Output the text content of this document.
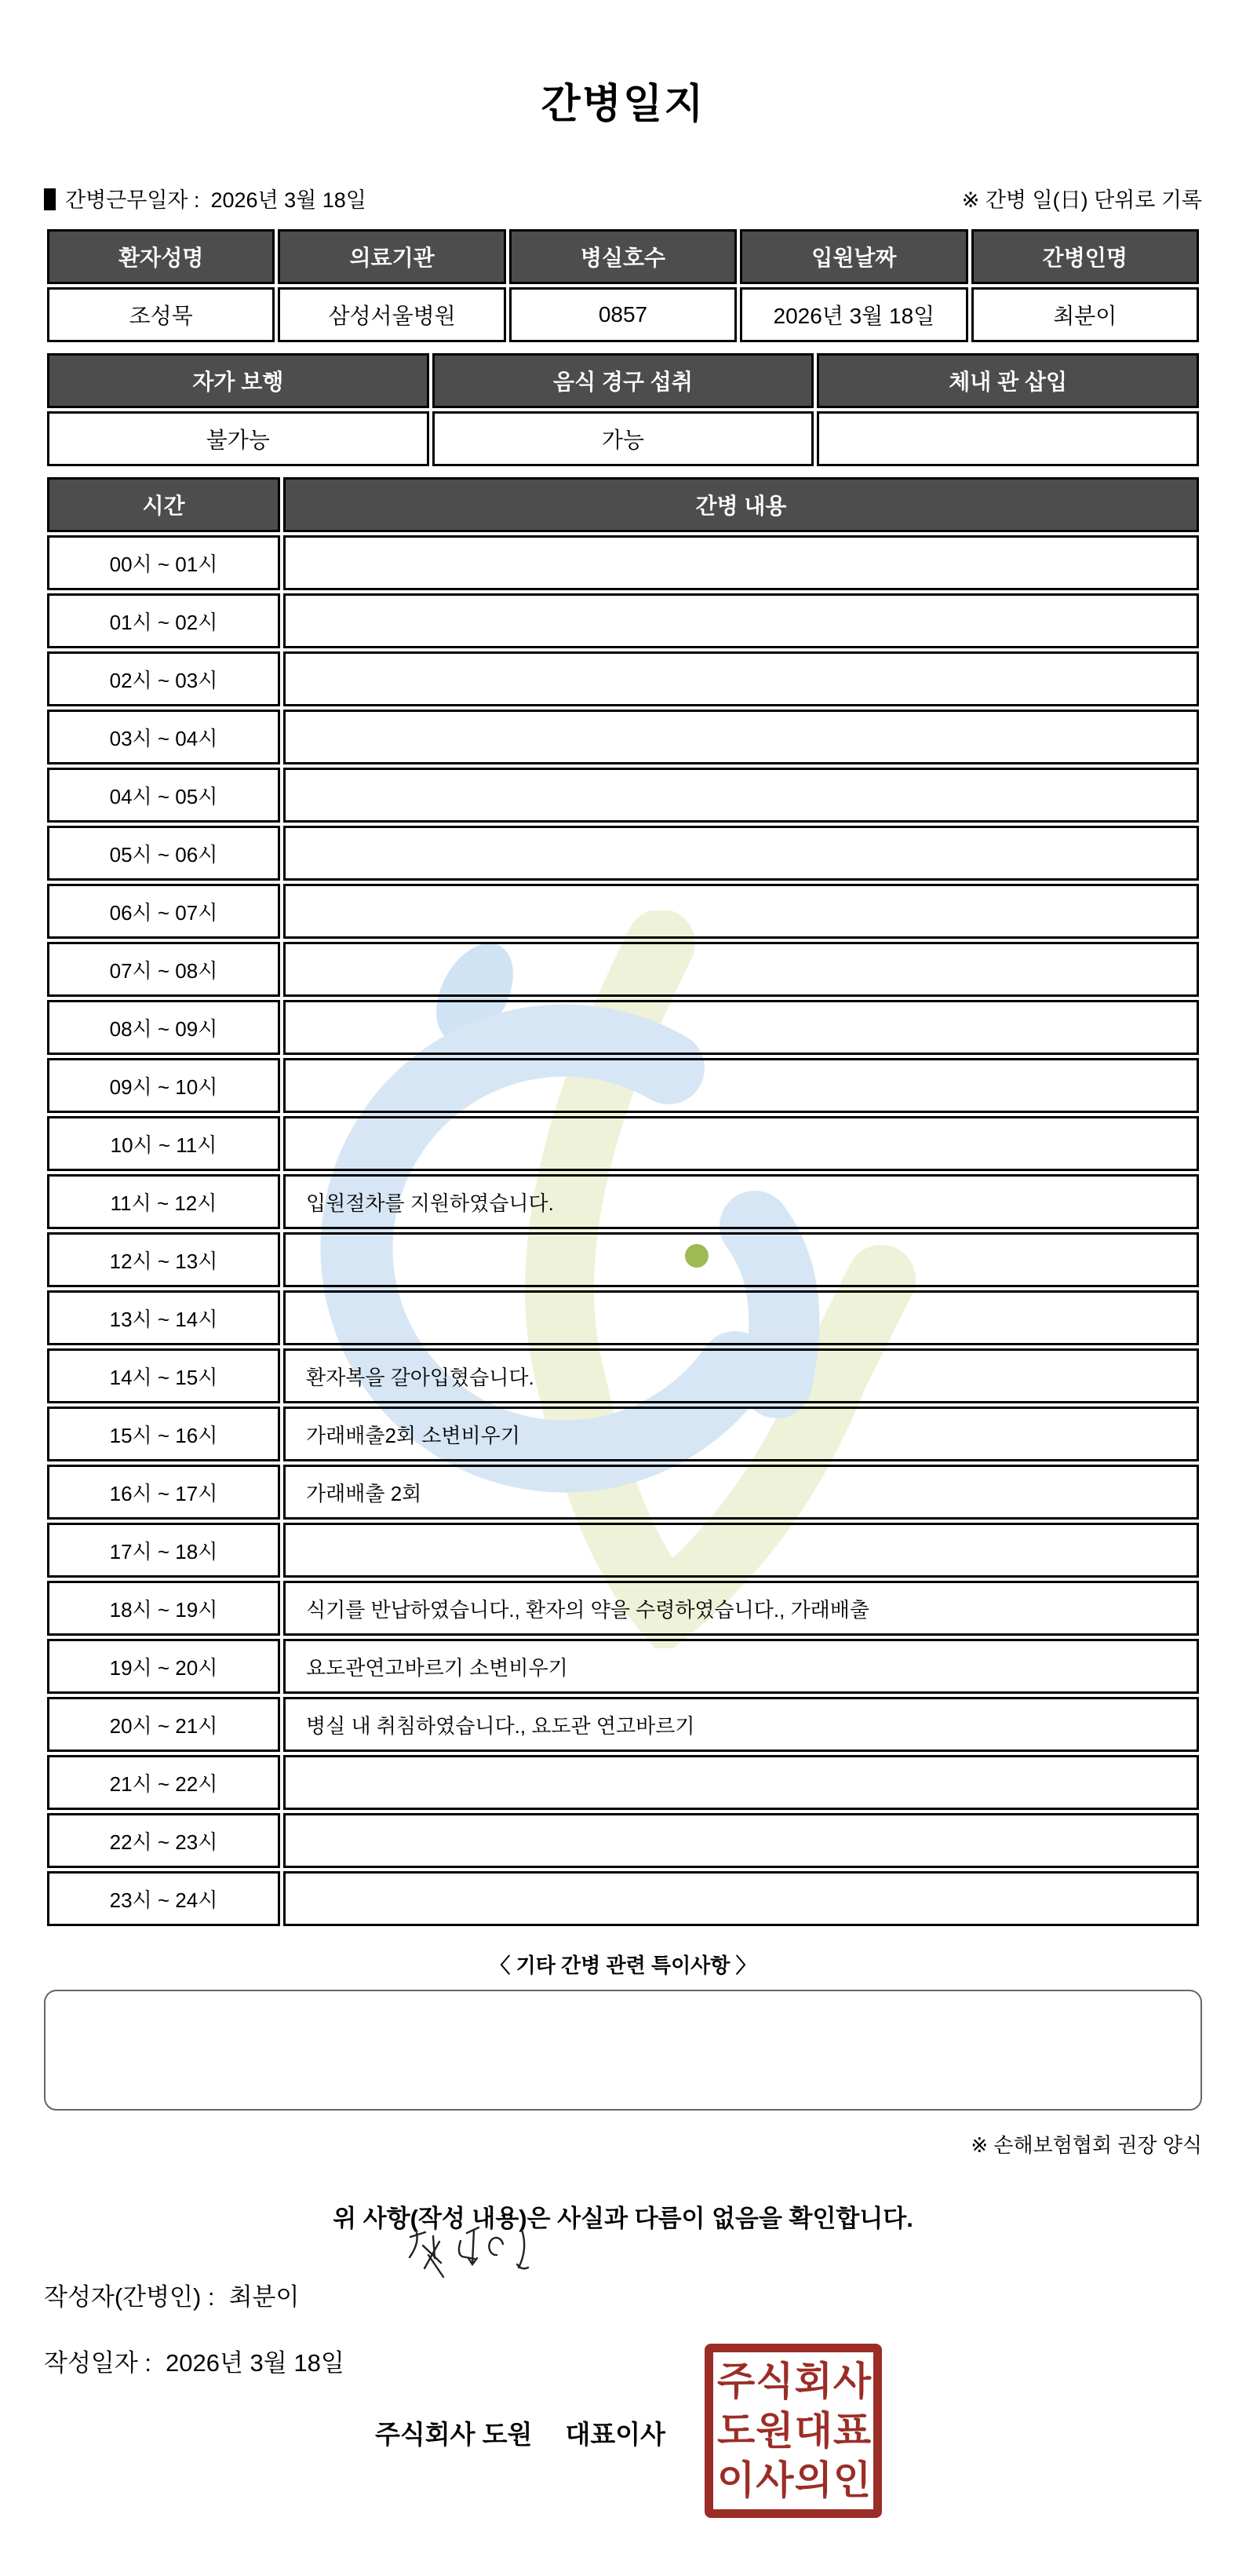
간병일지
간병근무일자 : 2026년 3월 18일	※ 간병 일(日) 단위로 기록
환자성명	의료기관	병실호수	입원날짜	간병인명
조성묵	삼성서울병원	0857	2026년 3월 18일	최분이
자가 보행	음식 경구 섭취	체내 관 삽입
불가능	가능	
시간	간병 내용
00시 ~ 01시	
01시 ~ 02시	
02시 ~ 03시	
03시 ~ 04시	
04시 ~ 05시	
05시 ~ 06시	
06시 ~ 07시	
07시 ~ 08시	
08시 ~ 09시	
09시 ~ 10시	
10시 ~ 11시	
11시 ~ 12시	입원절차를 지원하였습니다.
12시 ~ 13시	
13시 ~ 14시	
14시 ~ 15시	환자복을 갈아입혔습니다.
15시 ~ 16시	가래배출2회 소변비우기
16시 ~ 17시	가래배출 2회
17시 ~ 18시	
18시 ~ 19시	식기를 반납하였습니다., 환자의 약을 수령하였습니다., 가래배출
19시 ~ 20시	요도관연고바르기 소변비우기
20시 ~ 21시	병실 내 취침하였습니다., 요도관 연고바르기
21시 ~ 22시	
22시 ~ 23시	
23시 ~ 24시	
〈 기타 간병 관련 특이사항 〉
※ 손해보험협회 권장 양식
위 사항(작성 내용)은 사실과 다름이 없음을 확인합니다.
작성자(간병인) : 최분이
작성일자 : 2026년 3월 18일
주식회사 도원 대표이사
주식회사
도원대표
이사의인
